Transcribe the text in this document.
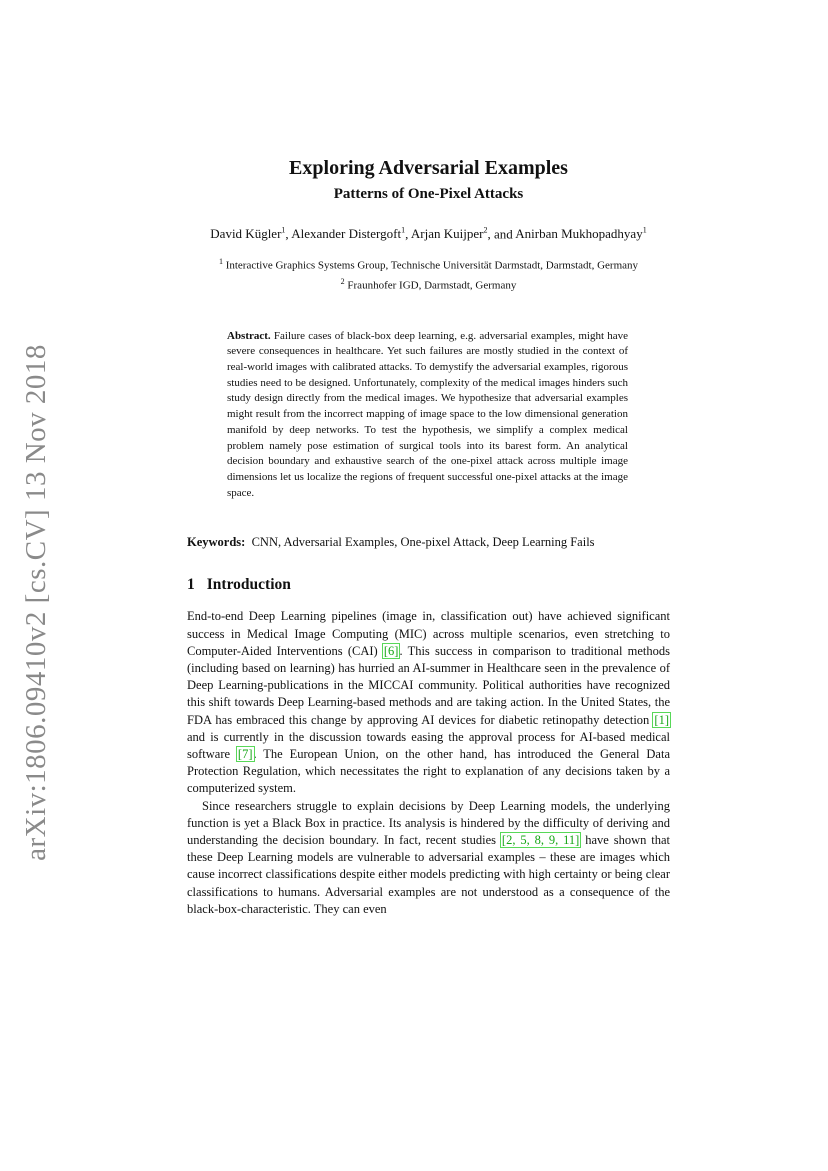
arXiv:1806.09410v2 [cs.CV] 13 Nov 2018
Exploring Adversarial Examples
Patterns of One-Pixel Attacks
David Kügler$^1$, Alexander Distergoft$^1$, Arjan Kuijper$^2$, and Anirban Mukhopadhyay$^1$
$^1$ Interactive Graphics Systems Group, Technische Universität Darmstadt, Darmstadt, Germany
$^2$ Fraunhofer IGD, Darmstadt, Germany
Abstract. Failure cases of black-box deep learning, e.g. adversarial examples, might have severe consequences in healthcare. Yet such failures are mostly studied in the context of real-world images with calibrated attacks. To demystify the adversarial examples, rigorous studies need to be designed. Unfortunately, complexity of the medical images hinders such study design directly from the medical images. We hypothesize that adversarial examples might result from the incorrect mapping of image space to the low dimensional generation manifold by deep networks. To test the hypothesis, we simplify a complex medical problem namely pose estimation of surgical tools into its barest form. An analytical decision boundary and exhaustive search of the one-pixel attack across multiple image dimensions let us localize the regions of frequent successful one-pixel attacks at the image space.
Keywords: CNN, Adversarial Examples, One-pixel Attack, Deep Learning Fails
1 Introduction
End-to-end Deep Learning pipelines (image in, classification out) have achieved significant success in Medical Image Computing (MIC) across multiple scenarios, even stretching to Computer-Aided Interventions (CAI) [6]. This success in comparison to traditional methods (including based on learning) has hurried an AI-summer in Healthcare seen in the prevalence of Deep Learning-publications in the MICCAI community. Political authorities have recognized this shift towards Deep Learning-based methods and are taking action. In the United States, the FDA has embraced this change by approving AI devices for diabetic retinopathy detection [1] and is currently in the discussion towards easing the approval process for AI-based medical software [7]. The European Union, on the other hand, has introduced the General Data Protection Regulation, which necessitates the right to explanation of any decisions taken by a computerized system.
Since researchers struggle to explain decisions by Deep Learning models, the underlying function is yet a Black Box in practice. Its analysis is hindered by the difficulty of deriving and understanding the decision boundary. In fact, recent studies [2, 5, 8, 9, 11] have shown that these Deep Learning models are vulnerable to adversarial examples – these are images which cause incorrect classifications despite either models predicting with high certainty or being clear classifications to humans. Adversarial examples are not understood as a consequence of the black-box-characteristic. They can even
